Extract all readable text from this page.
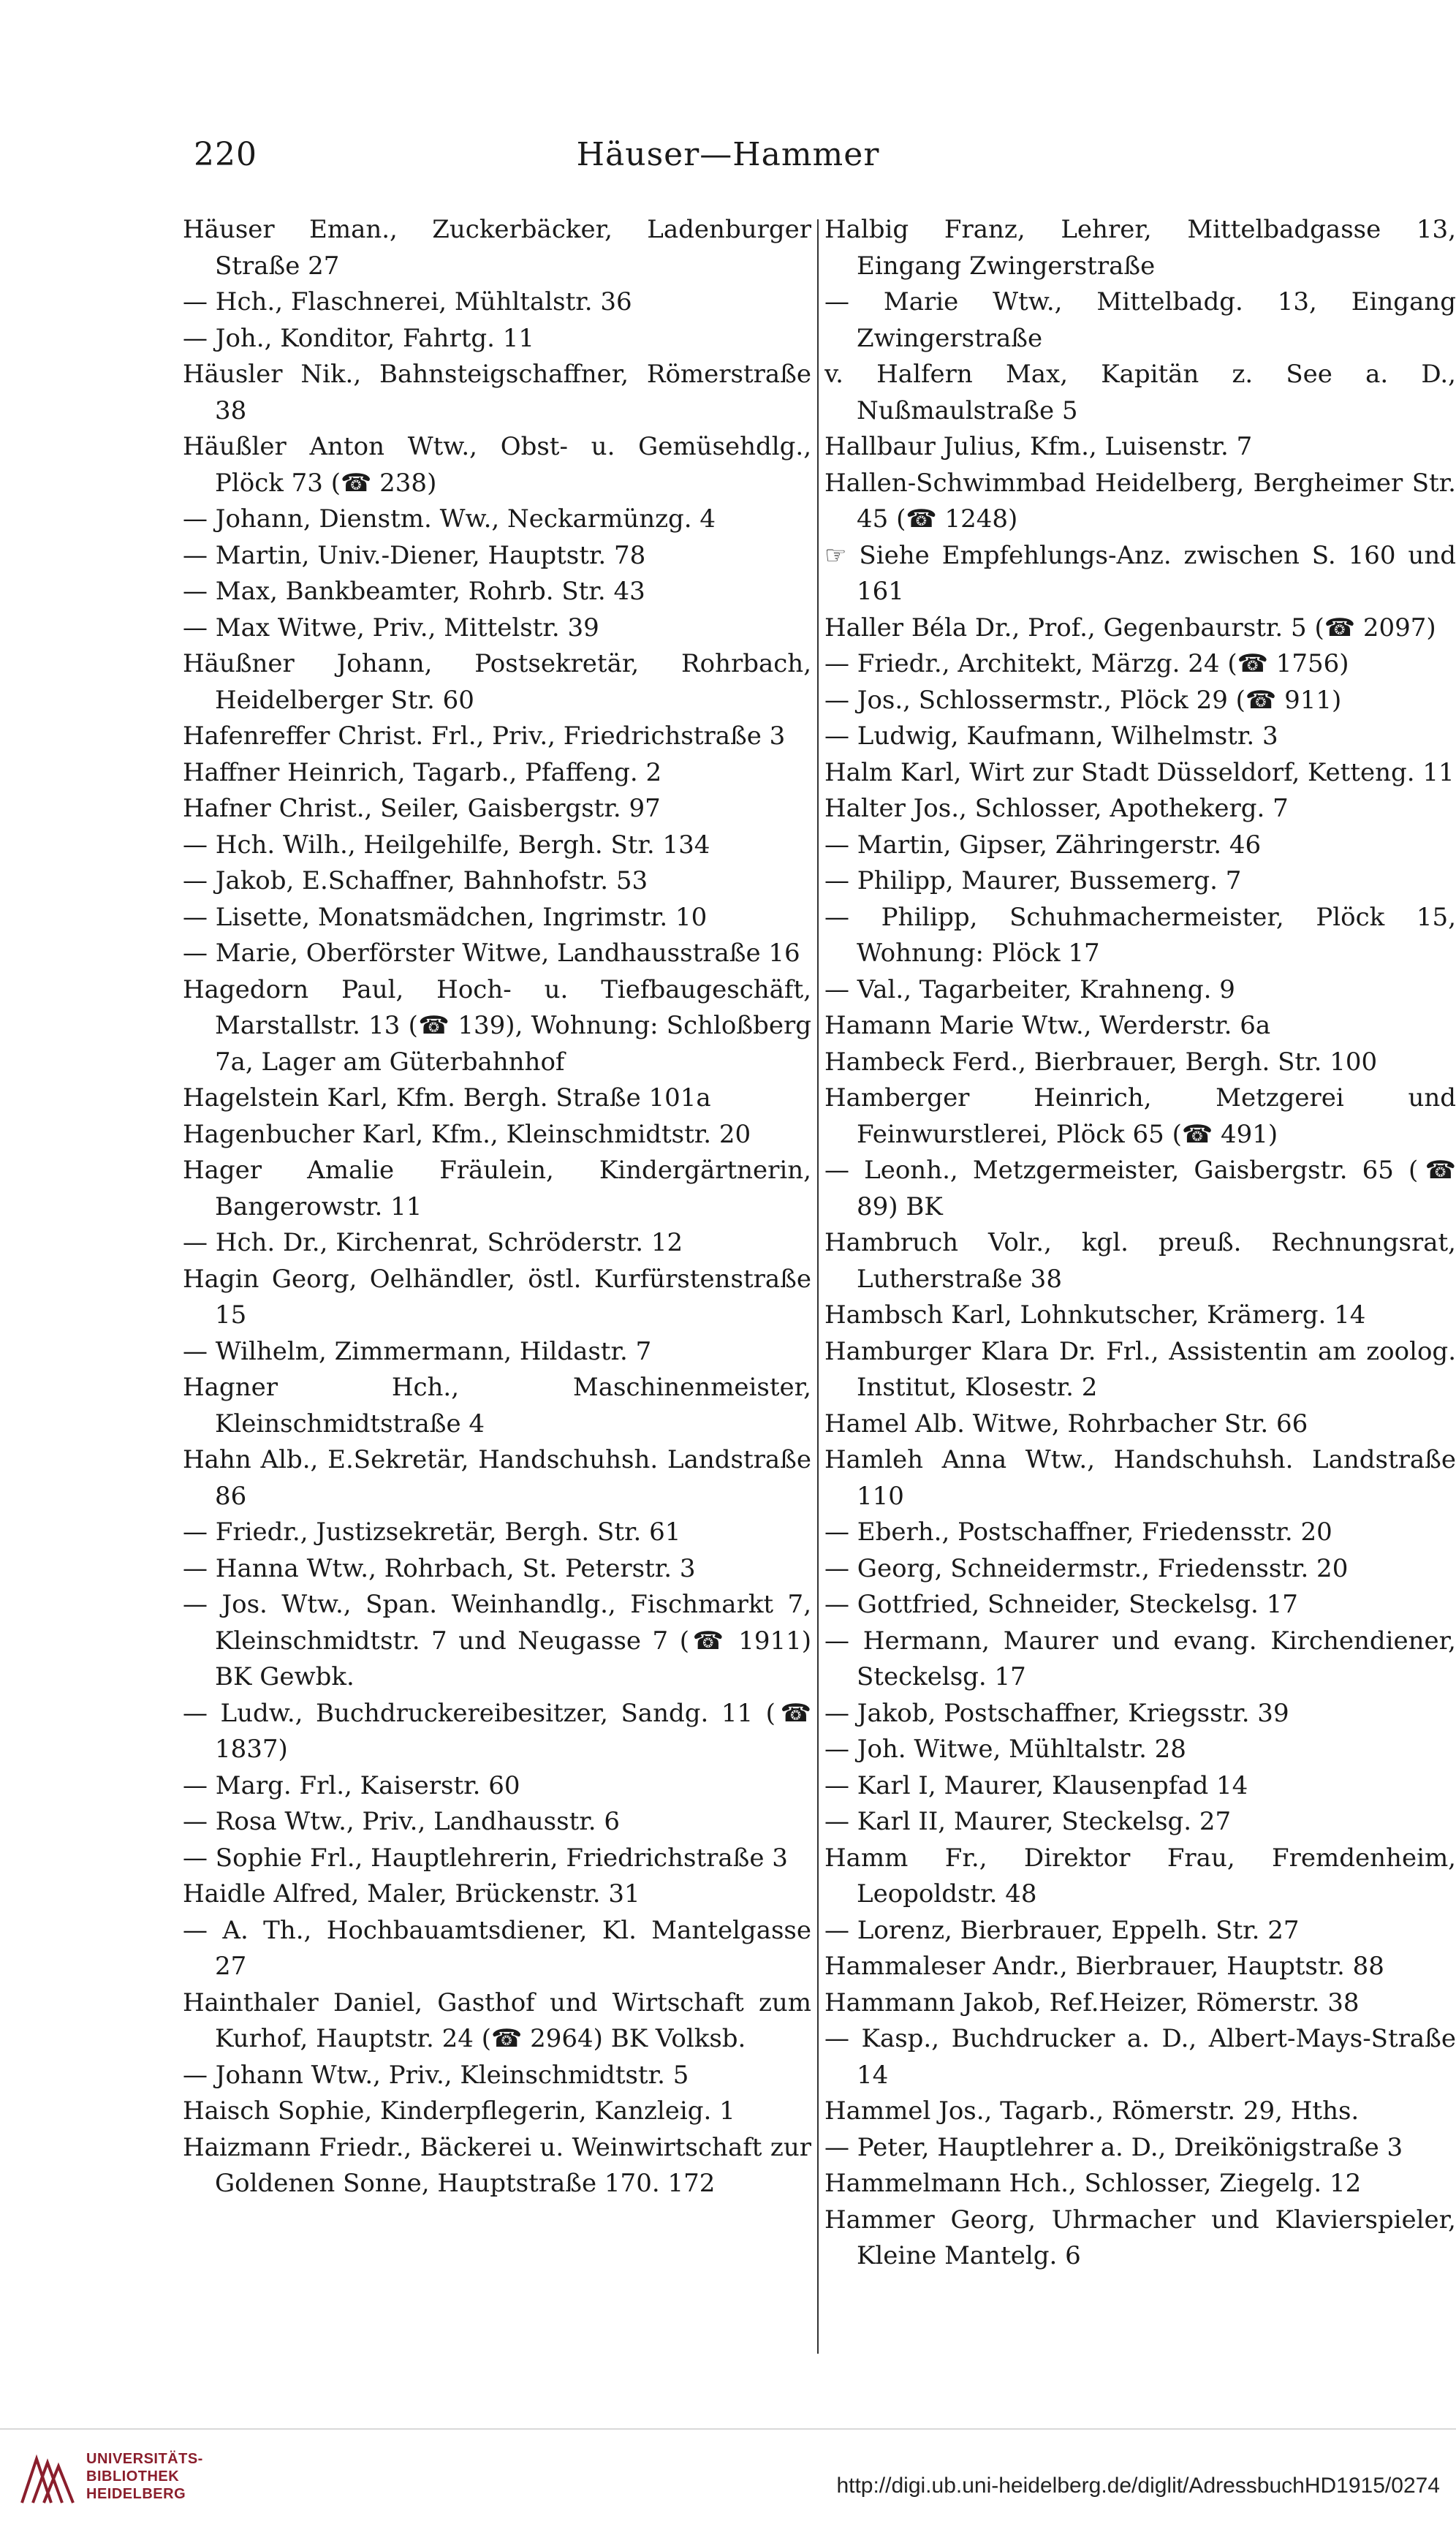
220	Häuser—Hammer
Häuser Eman., Zuckerbäcker, Ladenburger Straße 27
— Hch., Flaschnerei, Mühltalstr. 36
— Joh., Konditor, Fahrtg. 11
Häusler Nik., Bahnsteigschaffner, Römerstraße 38
Häußler Anton Wtw., Obst- u. Gemüsehdlg., Plöck 73 (☎ 238)
— Johann, Dienstm. Ww., Neckarmünzg. 4
— Martin, Univ.-Diener, Hauptstr. 78
— Max, Bankbeamter, Rohrb. Str. 43
— Max Witwe, Priv., Mittelstr. 39
Häußner Johann, Postsekretär, Rohrbach, Heidelberger Str. 60
Hafenreffer Christ. Frl., Priv., Friedrichstraße 3
Haffner Heinrich, Tagarb., Pfaffeng. 2
Hafner Christ., Seiler, Gaisbergstr. 97
— Hch. Wilh., Heilgehilfe, Bergh. Str. 134
— Jakob, E.Schaffner, Bahnhofstr. 53
— Lisette, Monatsmädchen, Ingrimstr. 10
— Marie, Oberförster Witwe, Landhausstraße 16
Hagedorn Paul, Hoch- u. Tiefbaugeschäft, Marstallstr. 13 (☎ 139), Wohnung: Schloßberg 7a, Lager am Güterbahnhof
Hagelstein Karl, Kfm. Bergh. Straße 101a
Hagenbucher Karl, Kfm., Kleinschmidtstr. 20
Hager Amalie Fräulein, Kindergärtnerin, Bangerowstr. 11
— Hch. Dr., Kirchenrat, Schröderstr. 12
Hagin Georg, Oelhändler, östl. Kurfürstenstraße 15
— Wilhelm, Zimmermann, Hildastr. 7
Hagner Hch., Maschinenmeister, Kleinschmidtstraße 4
Hahn Alb., E.Sekretär, Handschuhsh. Landstraße 86
— Friedr., Justizsekretär, Bergh. Str. 61
— Hanna Wtw., Rohrbach, St. Peterstr. 3
— Jos. Wtw., Span. Weinhandlg., Fischmarkt 7, Kleinschmidtstr. 7 und Neugasse 7 (☎ 1911) BK Gewbk.
— Ludw., Buchdruckereibesitzer, Sandg. 11 (☎ 1837)
— Marg. Frl., Kaiserstr. 60
— Rosa Wtw., Priv., Landhausstr. 6
— Sophie Frl., Hauptlehrerin, Friedrichstraße 3
Haidle Alfred, Maler, Brückenstr. 31
— A. Th., Hochbauamtsdiener, Kl. Mantelgasse 27
Hainthaler Daniel, Gasthof und Wirtschaft zum Kurhof, Hauptstr. 24 (☎ 2964) BK Volksb.
— Johann Wtw., Priv., Kleinschmidtstr. 5
Haisch Sophie, Kinderpflegerin, Kanzleig. 1
Haizmann Friedr., Bäckerei u. Weinwirtschaft zur Goldenen Sonne, Hauptstraße 170. 172
Halbig Franz, Lehrer, Mittelbadgasse 13, Eingang Zwingerstraße
— Marie Wtw., Mittelbadg. 13, Eingang Zwingerstraße
v. Halfern Max, Kapitän z. See a. D., Nußmaulstraße 5
Hallbaur Julius, Kfm., Luisenstr. 7
Hallen-Schwimmbad Heidelberg, Bergheimer Str. 45 (☎ 1248)
☞ Siehe Empfehlungs-Anz. zwischen S. 160 und 161
Haller Béla Dr., Prof., Gegenbaurstr. 5 (☎ 2097)
— Friedr., Architekt, Märzg. 24 (☎ 1756)
— Jos., Schlossermstr., Plöck 29 (☎ 911)
— Ludwig, Kaufmann, Wilhelmstr. 3
Halm Karl, Wirt zur Stadt Düsseldorf, Ketteng. 11
Halter Jos., Schlosser, Apothekerg. 7
— Martin, Gipser, Zähringerstr. 46
— Philipp, Maurer, Bussemerg. 7
— Philipp, Schuhmachermeister, Plöck 15, Wohnung: Plöck 17
— Val., Tagarbeiter, Krahneng. 9
Hamann Marie Wtw., Werderstr. 6a
Hambeck Ferd., Bierbrauer, Bergh. Str. 100
Hamberger Heinrich, Metzgerei und Feinwurstlerei, Plöck 65 (☎ 491)
— Leonh., Metzgermeister, Gaisbergstr. 65 (☎ 89) BK
Hambruch Volr., kgl. preuß. Rechnungsrat, Lutherstraße 38
Hambsch Karl, Lohnkutscher, Krämerg. 14
Hamburger Klara Dr. Frl., Assistentin am zoolog. Institut, Klosestr. 2
Hamel Alb. Witwe, Rohrbacher Str. 66
Hamleh Anna Wtw., Handschuhsh. Landstraße 110
— Eberh., Postschaffner, Friedensstr. 20
— Georg, Schneidermstr., Friedensstr. 20
— Gottfried, Schneider, Steckelsg. 17
— Hermann, Maurer und evang. Kirchendiener, Steckelsg. 17
— Jakob, Postschaffner, Kriegsstr. 39
— Joh. Witwe, Mühltalstr. 28
— Karl I, Maurer, Klausenpfad 14
— Karl II, Maurer, Steckelsg. 27
Hamm Fr., Direktor Frau, Fremdenheim, Leopoldstr. 48
— Lorenz, Bierbrauer, Eppelh. Str. 27
Hammaleser Andr., Bierbrauer, Hauptstr. 88
Hammann Jakob, Ref.Heizer, Römerstr. 38
— Kasp., Buchdrucker a. D., Albert-Mays-Straße 14
Hammel Jos., Tagarb., Römerstr. 29, Hths.
— Peter, Hauptlehrer a. D., Dreikönigstraße 3
Hammelmann Hch., Schlosser, Ziegelg. 12
Hammer Georg, Uhrmacher und Klavierspieler, Kleine Mantelg. 6
UNIVERSITÄTS-
BIBLIOTHEK
HEIDELBERG	http://digi.ub.uni-heidelberg.de/diglit/AdressbuchHD1915/0274
